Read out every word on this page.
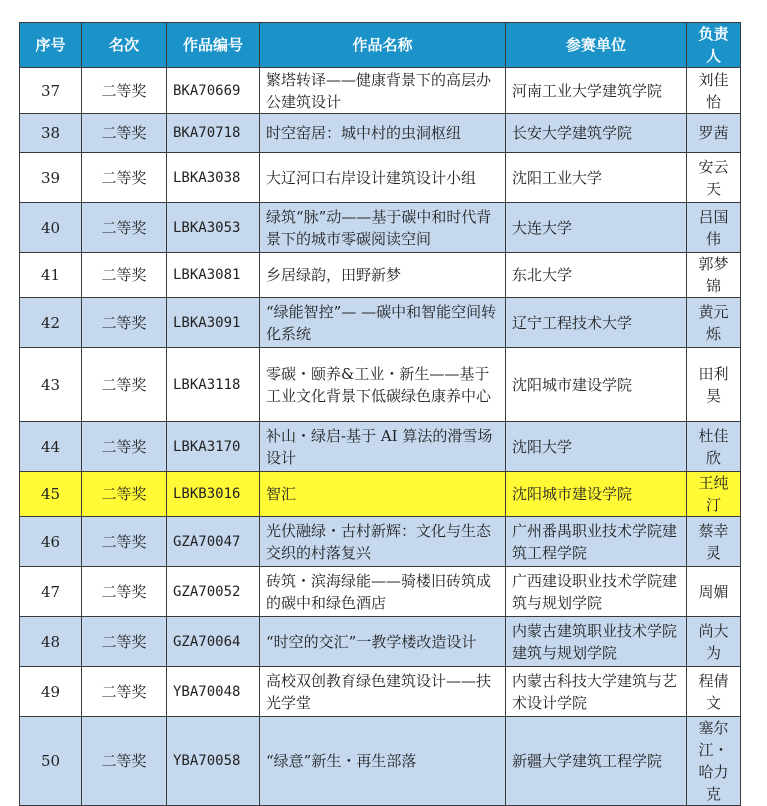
序号	名次	作品编号	作品名称	参赛单位	负责人
37	二等奖	BKA70669	繁塔转译——健康背景下的高层办公建筑设计	河南工业大学建筑学院	刘佳怡
38	二等奖	BKA70718	时空窑居：城中村的虫洞枢纽	长安大学建筑学院	罗茜
39	二等奖	LBKA3038	大辽河口右岸设计建筑设计小组	沈阳工业大学	安云天
40	二等奖	LBKA3053	绿筑“脉”动——基于碳中和时代背景下的城市零碳阅读空间	大连大学	吕国伟
41	二等奖	LBKA3081	乡居绿韵，田野新梦	东北大学	郭梦锦
42	二等奖	LBKA3091	“绿能智控”— —碳中和智能空间转化系统	辽宁工程技术大学	黄元烁
43	二等奖	LBKA3118	零碳・颐养&工业・新生——基于工业文化背景下低碳绿色康养中心	沈阳城市建设学院	田利昊
44	二等奖	LBKA3170	补山・绿启-基于 AI 算法的滑雪场设计	沈阳大学	杜佳欣
45	二等奖	LBKB3016	智汇	沈阳城市建设学院	王纯汀
46	二等奖	GZA70047	光伏融绿・古村新辉：文化与生态交织的村落复兴	广州番禺职业技术学院建筑工程学院	蔡幸灵
47	二等奖	GZA70052	砖筑・滨海绿能——骑楼旧砖筑成的碳中和绿色酒店	广西建设职业技术学院建筑与规划学院	周媚
48	二等奖	GZA70064	“时空的交汇”一教学楼改造设计	内蒙古建筑职业技术学院建筑与规划学院	尚大为
49	二等奖	YBA70048	高校双创教育绿色建筑设计——扶光学堂	内蒙古科技大学建筑与艺术设计学院	程倩文
50	二等奖	YBA70058	“绿意”新生・再生部落	新疆大学建筑工程学院	塞尔江・哈力克
